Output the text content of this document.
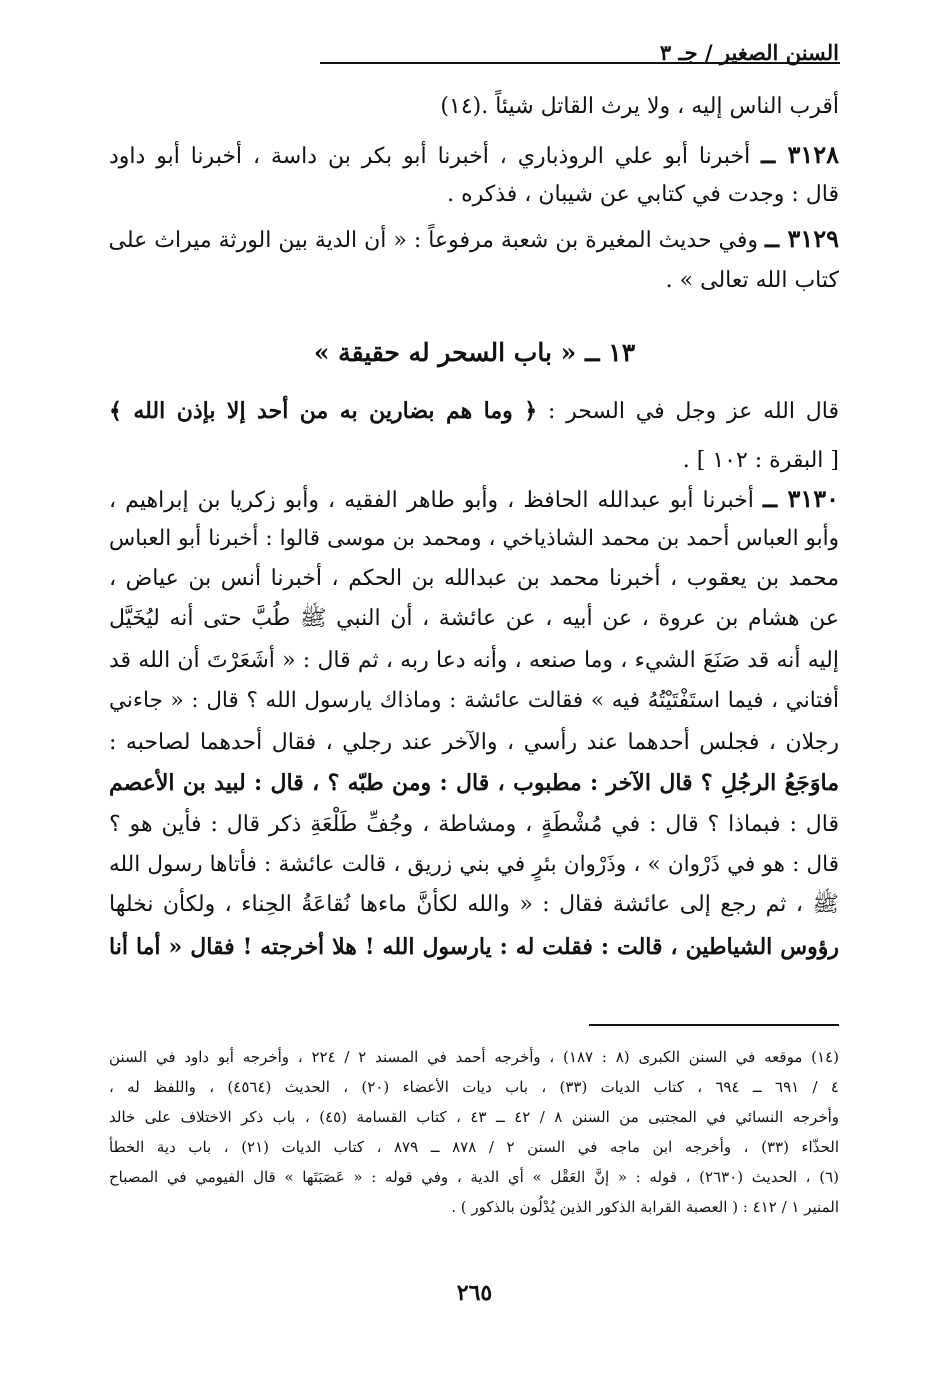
السنن الصغير / جـ ٣
أقرب الناس إليه ، ولا يرث القاتل شيئاً .(١٤)
٣١٢٨ ــ أخبرنا أبو علي الروذباري ، أخبرنا أبو بكر بن داسة ، أخبرنا أبو داود
قال : وجدت في كتابي عن شيبان ، فذكره .
٣١٢٩ ــ وفي حديث المغيرة بن شعبة مرفوعاً : « أن الدية بين الورثة ميراث على
كتاب الله تعالى » .
١٣ ــ « باب السحر له حقيقة »
قال الله عز وجل في السحر : ﴿ وما هم بضارين به من أحد إلا بإذن الله ﴾
[ البقرة : ١٠٢ ] .
٣١٣٠ ــ أخبرنا أبو عبدالله الحافظ ، وأبو طاهر الفقيه ، وأبو زكريا بن إبراهيم ،
وأبو العباس أحمد بن محمد الشاذياخي ، ومحمد بن موسى قالوا : أخبرنا أبو العباس
محمد بن يعقوب ، أخبرنا محمد بن عبدالله بن الحكم ، أخبرنا أنس بن عياض ،
عن هشام بن عروة ، عن أبيه ، عن عائشة ، أن النبي ﷺ طُبَّ حتى أنه ليُخَيَّل
إليه أنه قد صَنَعَ الشيء ، وما صنعه ، وأنه دعا ربه ، ثم قال : « أشَعَرْتَ أن الله قد
أفتاني ، فيما استَفْتَيْتُهُ فيه » فقالت عائشة : وماذاك يارسول الله ؟ قال : « جاءني
رجلان ، فجلس أحدهما عند رأسي ، والآخر عند رجلي ، فقال أحدهما لصاحبه :
ماوَجَعُ الرجُلِ ؟ قال الآخر : مطبوب ، قال : ومن طبّه ؟ ، قال : لبيد بن الأعصم
قال : فبماذا ؟ قال : في مُشْطَةٍ ، ومشاطة ، وجُفِّ طَلْعَةِ ذكر قال : فأين هو ؟
قال : هو في ذَرْوان » ، وذَرْوان بئرٍ في بني زريق ، قالت عائشة : فأتاها رسول الله
ﷺ ، ثم رجع إلى عائشة فقال : « والله لكأنَّ ماءها نُقاعَةُ الحِناء ، ولكأن نخلها
رؤوس الشياطين ، قالت : فقلت له : يارسول الله ! هلا أخرجته ! فقال « أما أنا
(١٤) موقعه في السنن الكبرى (٨ : ١٨٧) ، وأخرجه أحمد في المسند ٢ / ٢٢٤ ، وأخرجه أبو داود في السنن
٤ / ٦٩١ ــ ٦٩٤ ، كتاب الديات (٣٣) ، باب ديات الأعضاء (٢٠) ، الحديث (٤٥٦٤) ، واللفظ له ،
وأخرجه النسائي في المجتبى من السنن ٨ / ٤٢ ــ ٤٣ ، كتاب القسامة (٤٥) ، باب ذكر الاختلاف على خالد
الحذّاء (٣٣) ، وأخرجه ابن ماجه في السنن ٢ / ٨٧٨ ــ ٨٧٩ ، كتاب الديات (٢١) ، باب دية الخطأ
(٦) ، الحديث (٢٦٣٠) ، قوله : « إنَّ العَقْل » أي الدية ، وفي قوله : « عَصَبَتَها » قال الفيومي في المصباح
المنير ١ / ٤١٢ : ( العصبة القرابة الذكور الذين يُدْلُون بالذكور ) .
٢٦٥
